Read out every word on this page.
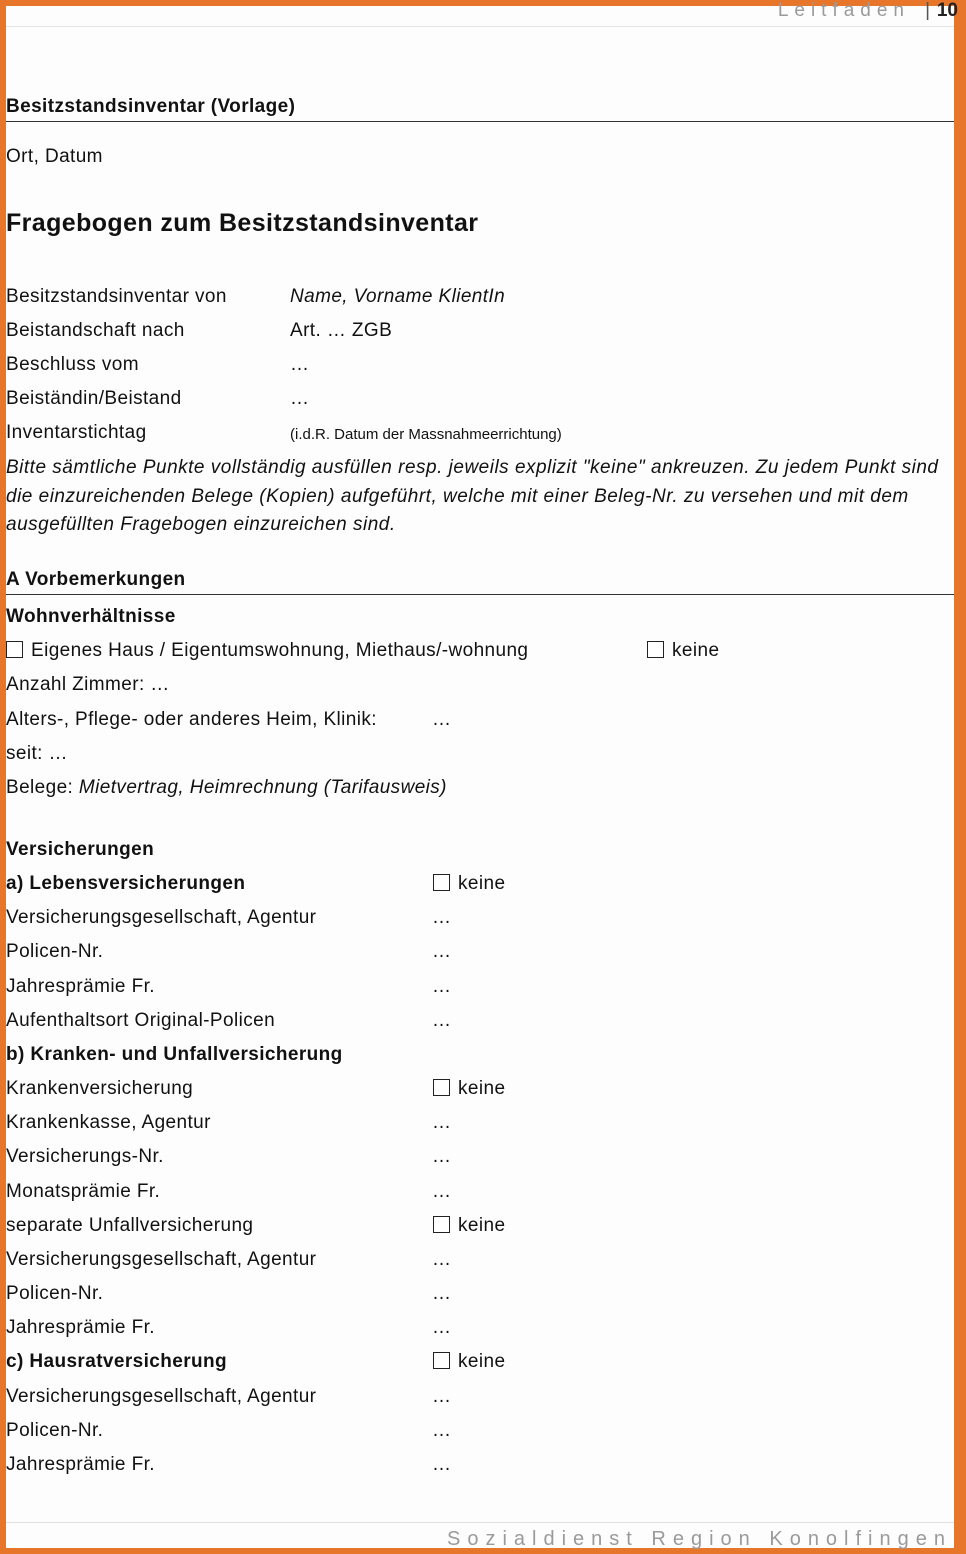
Leitfaden | 10
Besitzstandsinventar (Vorlage)
Ort, Datum
Fragebogen zum Besitzstandsinventar
Besitzstandsinventar von	Name, Vorname KlientIn
Beistandschaft nach	Art. … ZGB
Beschluss vom	…
Beiständin/Beistand	…
Inventarstichtag	(i.d.R. Datum der Massnahmeerrichtung)
Bitte sämtliche Punkte vollständig ausfüllen resp. jeweils explizit "keine" ankreuzen. Zu jedem Punkt sind die einzureichenden Belege (Kopien) aufgeführt, welche mit einer Beleg-Nr. zu versehen und mit dem ausgefüllten Fragebogen einzureichen sind.
A Vorbemerkungen
Wohnverhältnisse
Eigenes Haus / Eigentumswohnung, Miethaus/-wohnung	keine
Anzahl Zimmer: …
Alters-, Pflege- oder anderes Heim, Klinik:	…
seit: …
Belege: Mietvertrag, Heimrechnung (Tarifausweis)
Versicherungen
a) Lebensversicherungen	keine
Versicherungsgesellschaft, Agentur	…
Policen-Nr.	…
Jahresprämie Fr.	…
Aufenthaltsort Original-Policen	…
b) Kranken- und Unfallversicherung
Krankenversicherung	keine
Krankenkasse, Agentur	…
Versicherungs-Nr.	…
Monatsprämie Fr.	…
separate Unfallversicherung	keine
Versicherungsgesellschaft, Agentur	…
Policen-Nr.	…
Jahresprämie Fr.	…
c) Hausratversicherung	keine
Versicherungsgesellschaft, Agentur	…
Policen-Nr.	…
Jahresprämie Fr.	…
Sozialdienst Region Konolfingen
